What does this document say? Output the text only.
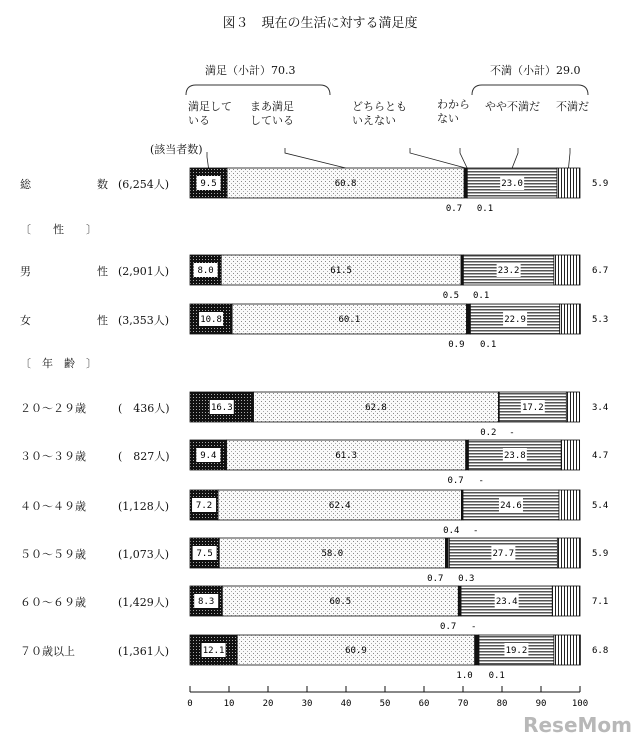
図３　現在の生活に対する満足度
満足（小計）70.3	不満（小計）29.0
(該当者数)
〔　　性　　〕
〔　年　齢　〕
満足して
いる
まあ満足
している
どちらとも
いえない
わからない
やや不満だ 不満だ
総　　　　　　数 (6,254人)
男　　　　　　性 (2,901人)
女　　　　　　性 (3,353人)
２０～２９歳	(　436人)
３０～３９歳	(　827人)
４０～４９歳	(1,128人)
５０～５９歳	(1,073人)
６０～６９歳	(1,429人)
７０歳以上	(1,361人)
9.5	23.0
60.8
0.7 0.1
5.9
8.0	23.2
61.5
0.5 0.1
6.7
10.8	22.9
60.1
0.9 0.1
5.3
16.3	17.2
62.8
0.2 -
3.4
9.4	23.8
61.3
0.7 -
4.7
7.2	24.6
62.4
0.4 -
5.4
7.5	27.7
58.0
0.7 0.3
5.9
8.3	23.4
60.5
0.7 -
7.1
12.1	19.2
60.9
1.0 0.1
6.8
0	10	20	30	40	50	60	70	80	90	100
ReseMom
